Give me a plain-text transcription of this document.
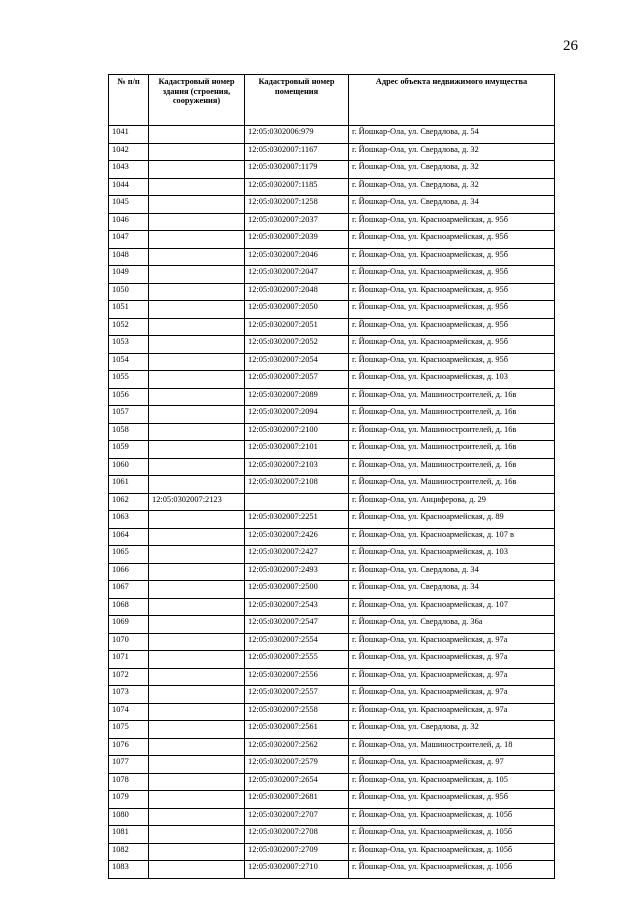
26
№ п/п	Кадастровый номер здания (строения, сооружения)	Кадастровый номер помещения	Адрес объекта недвижимого имущества
1041		12:05:0302006:979	г. Йошкар-Ола, ул. Свердлова, д. 54
1042		12:05:0302007:1167	г. Йошкар-Ола, ул. Свердлова, д. 32
1043		12:05:0302007:1179	г. Йошкар-Ола, ул. Свердлова, д. 32
1044		12:05:0302007:1185	г. Йошкар-Ола, ул. Свердлова, д. 32
1045		12:05:0302007:1258	г. Йошкар-Ола, ул. Свердлова, д. 34
1046		12:05:0302007:2037	г. Йошкар-Ола, ул. Красноармейская, д. 95б
1047		12:05:0302007:2039	г. Йошкар-Ола, ул. Красноармейская, д. 95б
1048		12:05:0302007:2046	г. Йошкар-Ола, ул. Красноармейская, д. 95б
1049		12:05:0302007:2047	г. Йошкар-Ола, ул. Красноармейская, д. 95б
1050		12:05:0302007:2048	г. Йошкар-Ола, ул. Красноармейская, д. 95б
1051		12:05:0302007:2050	г. Йошкар-Ола, ул. Красноармейская, д. 95б
1052		12:05:0302007:2051	г. Йошкар-Ола, ул. Красноармейская, д. 95б
1053		12:05:0302007:2052	г. Йошкар-Ола, ул. Красноармейская, д. 95б
1054		12:05:0302007:2054	г. Йошкар-Ола, ул. Красноармейская, д. 95б
1055		12:05:0302007:2057	г. Йошкар-Ола, ул. Красноармейская, д. 103
1056		12:05:0302007:2089	г. Йошкар-Ола, ул. Машиностроителей, д. 16в
1057		12:05:0302007:2094	г. Йошкар-Ола, ул. Машиностроителей, д. 16в
1058		12:05:0302007:2100	г. Йошкар-Ола, ул. Машиностроителей, д. 16в
1059		12:05:0302007:2101	г. Йошкар-Ола, ул. Машиностроителей, д. 16в
1060		12:05:0302007:2103	г. Йошкар-Ола, ул. Машиностроителей, д. 16в
1061		12:05:0302007:2108	г. Йошкар-Ола, ул. Машиностроителей, д. 16в
1062	12:05:0302007:2123		г. Йошкар-Ола, ул. Анциферова, д. 29
1063		12:05:0302007:2251	г. Йошкар-Ола, ул. Красноармейская, д. 89
1064		12:05:0302007:2426	г. Йошкар-Ола, ул. Красноармейская, д. 107 в
1065		12:05:0302007:2427	г. Йошкар-Ола, ул. Красноармейская, д. 103
1066		12:05:0302007:2493	г. Йошкар-Ола, ул. Свердлова, д. 34
1067		12:05:0302007:2500	г. Йошкар-Ола, ул. Свердлова, д. 34
1068		12:05:0302007:2543	г. Йошкар-Ола, ул. Красноармейская, д. 107
1069		12:05:0302007:2547	г. Йошкар-Ола, ул. Свердлова, д. 36а
1070		12:05:0302007:2554	г. Йошкар-Ола, ул. Красноармейская, д. 97а
1071		12:05:0302007:2555	г. Йошкар-Ола, ул. Красноармейская, д. 97а
1072		12:05:0302007:2556	г. Йошкар-Ола, ул. Красноармейская, д. 97а
1073		12:05:0302007:2557	г. Йошкар-Ола, ул. Красноармейская, д. 97а
1074		12:05:0302007:2558	г. Йошкар-Ола, ул. Красноармейская, д. 97а
1075		12:05:0302007:2561	г. Йошкар-Ола, ул. Свердлова, д. 32
1076		12:05:0302007:2562	г. Йошкар-Ола, ул. Машиностроителей, д. 18
1077		12:05:0302007:2579	г. Йошкар-Ола, ул. Красноармейская, д. 97
1078		12:05:0302007:2654	г. Йошкар-Ола, ул. Красноармейская, д. 105
1079		12:05:0302007:2681	г. Йошкар-Ола, ул. Красноармейская, д. 95б
1080		12:05:0302007:2707	г. Йошкар-Ола, ул. Красноармейская, д. 105б
1081		12:05:0302007:2708	г. Йошкар-Ола, ул. Красноармейская, д. 105б
1082		12:05:0302007:2709	г. Йошкар-Ола, ул. Красноармейская, д. 105б
1083		12:05:0302007:2710	г. Йошкар-Ола, ул. Красноармейская, д. 105б
